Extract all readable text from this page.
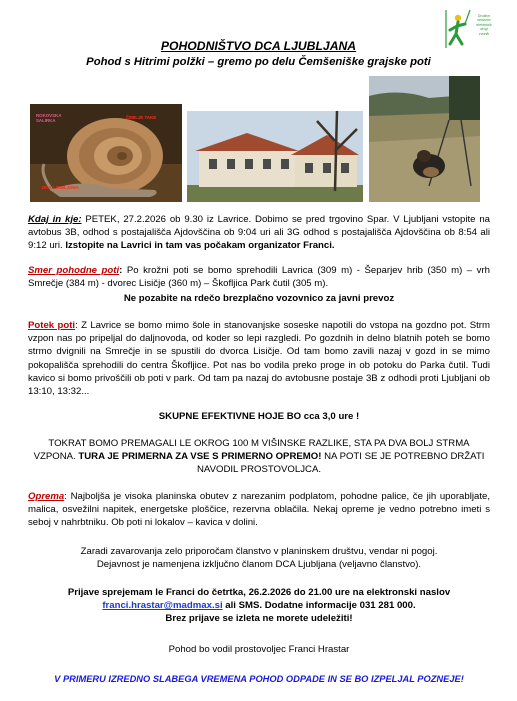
Društvo
seniorov
elektronik
drug
zvonik
POHODNIŠTVO DCA LJUBLJANA
Pohod s Hitrimi polžki – gremo po delu Čemšeniške grajske poti
ROKOVSKA SALIRKA
ČEBLJE TAKE
DCA LJUBLJANA
Kdaj in kje: PETEK, 27.2.2026 ob 9.30 iz Lavrice. Dobimo se pred trgovino Spar. V Ljubljani vstopite na avtobus 3B, odhod s postajališča Ajdovščina ob 9:04 uri ali 3G odhod s postajališča Ajdovščina ob 8:54 ali 9:12 uri. Izstopite na Lavrici in tam vas počakam organizator Franci.
Smer pohodne poti: Po krožni poti se bomo sprehodili Lavrica (309 m) - Šeparjev hrib (350 m) – vrh Smrečje (384 m) - dvorec Lisičje (360 m) – Škofljica Park čutil (305 m).
Ne pozabite na rdečo brezplačno vozovnico za javni prevoz
Potek poti: Z Lavrice se bomo mimo šole in stanovanjske soseske napotili do vstopa na gozdno pot. Strm vzpon nas po pripeljal do daljnovoda, od koder so lepi razgledi. Po gozdnih in delno blatnih poteh se bomo strmo dvignili na Smrečje in se spustili do dvorca Lisičje. Od tam bomo zavili nazaj v gozd in se mimo pokopališča sprehodili do centra Škofljice. Pot nas bo vodila preko proge in ob potoku do Parka čutil. Tudi kavico si bomo privoščili ob poti v park. Od tam pa nazaj do avtobusne postaje 3B z odhodi proti Ljubljani ob 13:10, 13:32...
SKUPNE EFEKTIVNE HOJE BO cca 3,0 ure !
TOKRAT BOMO PREMAGALI LE OKROG 100 M VIŠINSKE RAZLIKE, STA PA DVA BOLJ STRMA VZPONA. TURA JE PRIMERNA ZA VSE S PRIMERNO OPREMO! NA POTI SE JE POTREBNO DRŽATI NAVODIL PROSTOVOLJCA.
Oprema: Najboljša je visoka planinska obutev z narezanim podplatom, pohodne palice, če jih uporabljate, malica, osvežilni napitek, energetske ploščice, rezervna oblačila. Nekaj opreme je vedno potrebno imeti s seboj v nahrbtniku. Ob poti ni lokalov – kavica v dolini.
Zaradi zavarovanja zelo priporočam članstvo v planinskem društvu, vendar ni pogoj.
Dejavnost je namenjena izključno članom DCA Ljubljana (veljavno članstvo).
Prijave sprejemam le Franci do četrtka, 26.2.2026 do 21.00 ure na elektronski naslov
franci.hrastar@madmax.si ali SMS. Dodatne informacije 031 281 000.
Brez prijave se izleta ne morete udeležiti!
Pohod bo vodil prostovoljec Franci Hrastar
V PRIMERU IZREDNO SLABEGA VREMENA POHOD ODPADE IN SE BO IZPELJAL POZNEJE!
